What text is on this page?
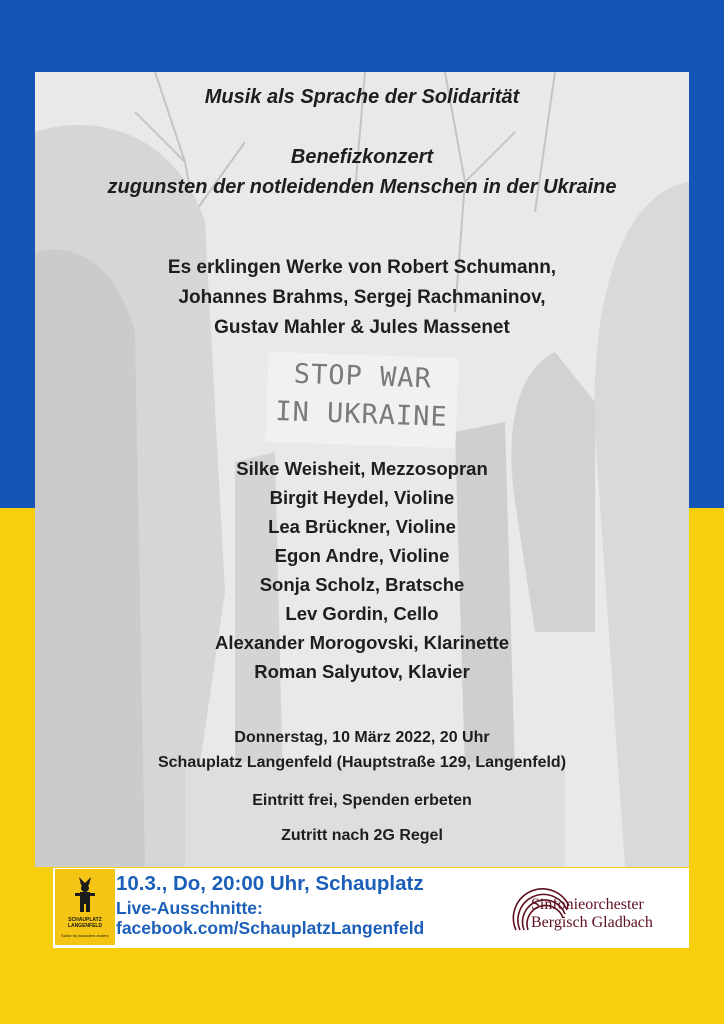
Musik als Sprache der Solidarität
Benefizkonzert
zugunsten der notleidenden Menschen in der Ukraine
Es erklingen Werke von Robert Schumann,
Johannes Brahms, Sergej Rachmaninov,
Gustav Mahler & Jules Massenet
STOP WAR
IN UKRAINE
Silke Weisheit, Mezzosopran
Birgit Heydel, Violine
Lea Brückner, Violine
Egon Andre, Violine
Sonja Scholz, Bratsche
Lev Gordin, Cello
Alexander Morogovski, Klarinette
Roman Salyutov, Klavier
Donnerstag, 10 März 2022, 20 Uhr
Schauplatz Langenfeld (Hauptstraße 129, Langenfeld)
Eintritt frei, Spenden erbeten
Zutritt nach 2G Regel
SCHAUPLATZ
LANGENFELD
Kultur ist woanders anders
10.3., Do, 20:00 Uhr, Schauplatz
Live-Ausschnitte:
facebook.com/SchauplatzLangenfeld
Sinfonieorchester
Bergisch Gladbach
